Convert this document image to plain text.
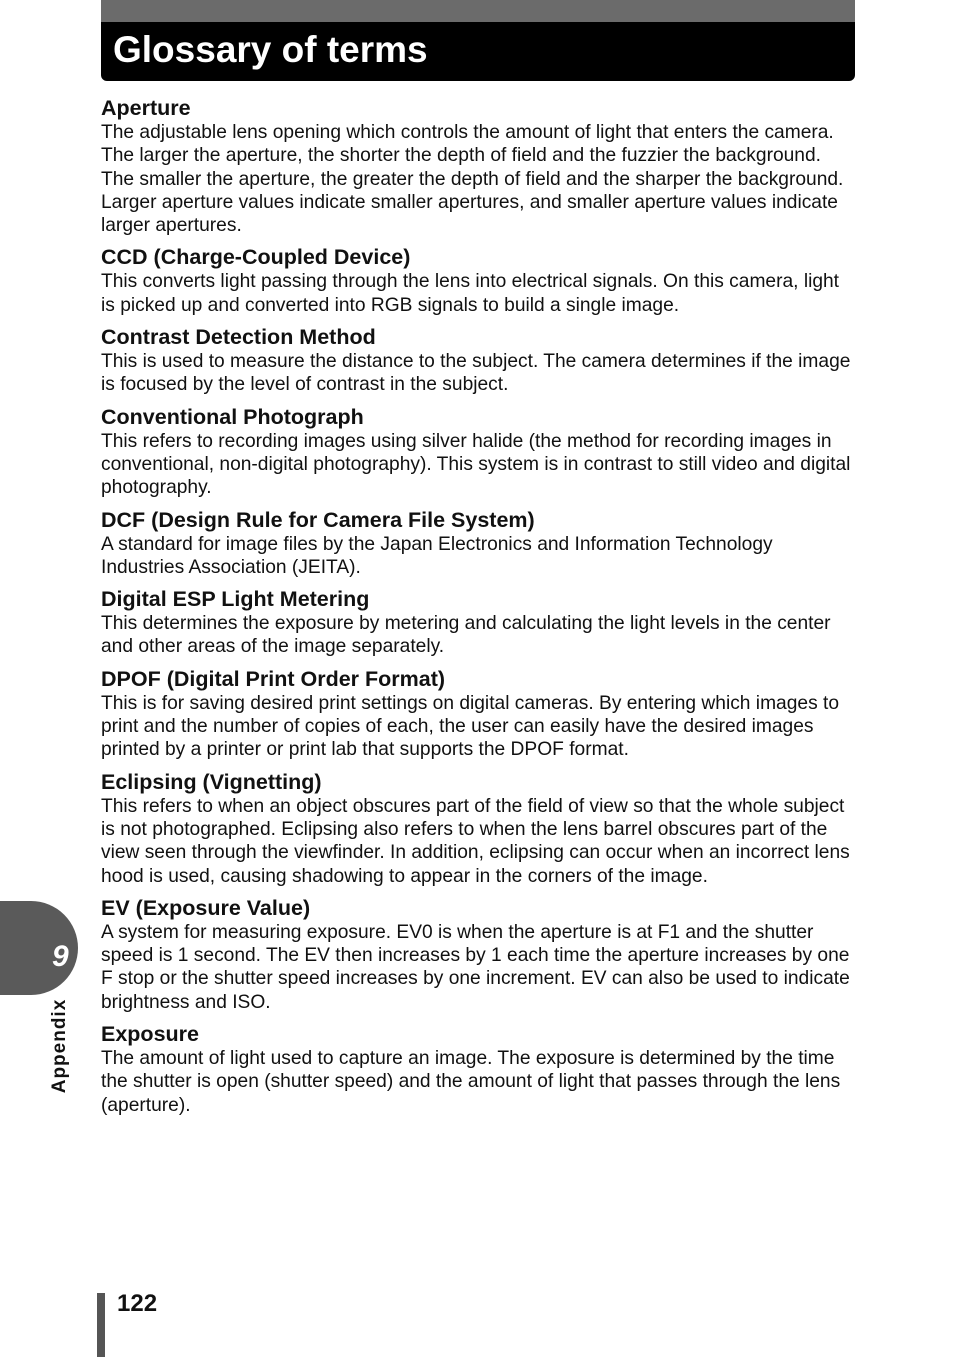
Glossary of terms
Aperture

The adjustable lens opening which controls the amount of light that enters the camera. The larger the aperture, the shorter the depth of field and the fuzzier the background. The smaller the aperture, the greater the depth of field and the sharper the background. Larger aperture values indicate smaller apertures, and smaller aperture values indicate larger apertures.

CCD (Charge-Coupled Device)

This converts light passing through the lens into electrical signals. On this camera, light is picked up and converted into RGB signals to build a single image.

Contrast Detection Method

This is used to measure the distance to the subject. The camera determines if the image is focused by the level of contrast in the subject.

Conventional Photograph

This refers to recording images using silver halide (the method for recording images in conventional, non-digital photography). This system is in contrast to still video and digital photography.

DCF (Design Rule for Camera File System)

A standard for image files by the Japan Electronics and Information Technology Industries Association (JEITA).

Digital ESP Light Metering

This determines the exposure by metering and calculating the light levels in the center and other areas of the image separately.

DPOF (Digital Print Order Format)

This is for saving desired print settings on digital cameras. By entering which images to print and the number of copies of each, the user can easily have the desired images printed by a printer or print lab that supports the DPOF format.

Eclipsing (Vignetting)

This refers to when an object obscures part of the field of view so that the whole subject is not photographed. Eclipsing also refers to when the lens barrel obscures part of the view seen through the viewfinder. In addition, eclipsing can occur when an incorrect lens hood is used, causing shadowing to appear in the corners of the image.

EV (Exposure Value)

A system for measuring exposure. EV0 is when the aperture is at F1 and the shutter speed is 1 second. The EV then increases by 1 each time the aperture increases by one F stop or the shutter speed increases by one increment. EV can also be used to indicate brightness and ISO.

Exposure

The amount of light used to capture an image. The exposure is determined by the time the shutter is open (shutter speed) and the amount of light that passes through the lens (aperture).

9
Appendix
122
